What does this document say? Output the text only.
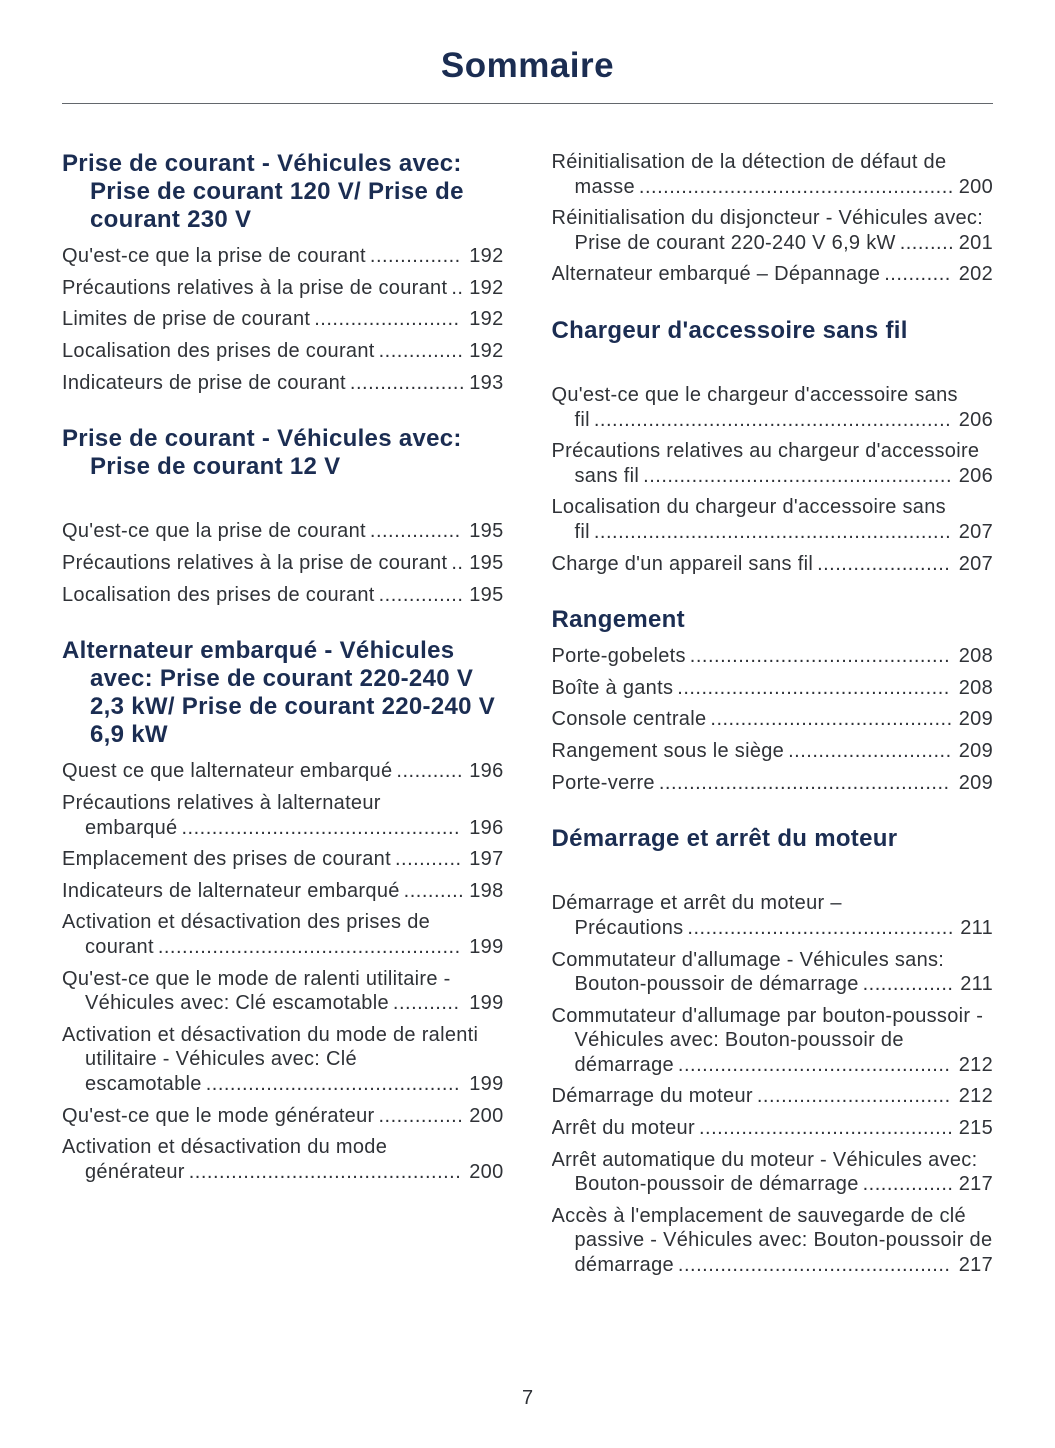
Sommaire
Prise de courant - Véhicules avec: Prise de courant 120 V/ Prise de courant 230 V
Qu'est-ce que la prise de courant ............... 192
Précautions relatives à la prise de courant .. 192
Limites de prise de courant ........................ 192
Localisation des prises de courant .............. 192
Indicateurs de prise de courant ................... 193
Prise de courant - Véhicules avec: Prise de courant 12 V
Qu'est-ce que la prise de courant ............... 195
Précautions relatives à la prise de courant .. 195
Localisation des prises de courant .............. 195
Alternateur embarqué - Véhicules avec: Prise de courant 220-240 V 2,3 kW/ Prise de courant 220-240 V 6,9 kW
Quest ce que lalternateur embarqué ........... 196
Précautions relatives à lalternateur embarqué .............................................. 196
Emplacement des prises de courant ........... 197
Indicateurs de lalternateur embarqué .......... 198
Activation et désactivation des prises de courant .................................................. 199
Qu'est-ce que le mode de ralenti utilitaire - Véhicules avec: Clé escamotable ........... 199
Activation et désactivation du mode de ralenti utilitaire - Véhicules avec: Clé escamotable .......................................... 199
Qu'est-ce que le mode générateur .............. 200
Activation et désactivation du mode générateur ............................................. 200
Réinitialisation de la détection de défaut de masse .................................................... 200
Réinitialisation du disjoncteur - Véhicules avec: Prise de courant 220-240 V 6,9 kW ......... 201
Alternateur embarqué – Dépannage ........... 202
Chargeur d'accessoire sans fil
Qu'est-ce que le chargeur d'accessoire sans fil ........................................................... 206
Précautions relatives au chargeur d'accessoire sans fil ................................................... 206
Localisation du chargeur d'accessoire sans fil ........................................................... 207
Charge d'un appareil sans fil ...................... 207
Rangement
Porte-gobelets ........................................... 208
Boîte à gants ............................................. 208
Console centrale ........................................ 209
Rangement sous le siège ........................... 209
Porte-verre ................................................ 209
Démarrage et arrêt du moteur
Démarrage et arrêt du moteur – Précautions ............................................ 211
Commutateur d'allumage - Véhicules sans: Bouton-poussoir de démarrage ............... 211
Commutateur d'allumage par bouton-poussoir - Véhicules avec: Bouton-poussoir de démarrage ............................................. 212
Démarrage du moteur ................................ 212
Arrêt du moteur .......................................... 215
Arrêt automatique du moteur - Véhicules avec: Bouton-poussoir de démarrage ............... 217
Accès à l'emplacement de sauvegarde de clé passive - Véhicules avec: Bouton-poussoir de démarrage ............................................. 217
7
